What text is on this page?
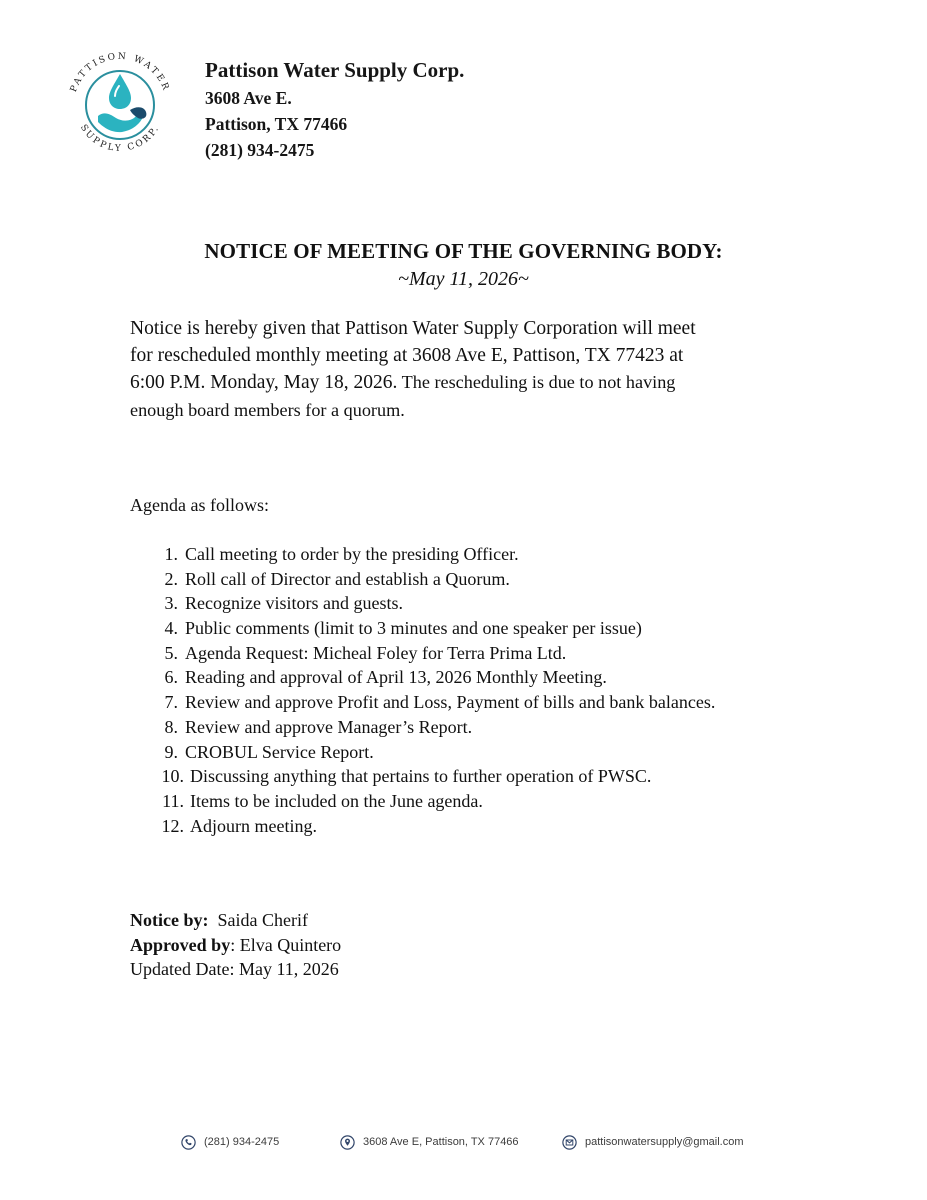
PATTISON WATER
SUPPLY CORP.
Pattison Water Supply Corp.
3608 Ave E.
Pattison, TX 77466
(281) 934-2475
NOTICE OF MEETING OF THE GOVERNING BODY:
~May 11, 2026~
Notice is hereby given that Pattison Water Supply Corporation will meet
for rescheduled monthly meeting at 3608 Ave E, Pattison, TX 77423 at
6:00 P.M. Monday, May 18, 2026. The rescheduling is due to not having
enough board members for a quorum.
Agenda as follows:
1. Call meeting to order by the presiding Officer.
2. Roll call of Director and establish a Quorum.
3. Recognize visitors and guests.
4. Public comments (limit to 3 minutes and one speaker per issue)
5. Agenda Request: Micheal Foley for Terra Prima Ltd.
6. Reading and approval of April 13, 2026 Monthly Meeting.
7. Review and approve Profit and Loss, Payment of bills and bank balances.
8. Review and approve Manager’s Report.
9. CROBUL Service Report.
10. Discussing anything that pertains to further operation of PWSC.
11. Items to be included on the June agenda.
12. Adjourn meeting.
Notice by:  Saida Cherif
Approved by: Elva Quintero
Updated Date: May 11, 2026
(281) 934-2475	3608 Ave E, Pattison, TX 77466	pattisonwatersupply@gmail.com
